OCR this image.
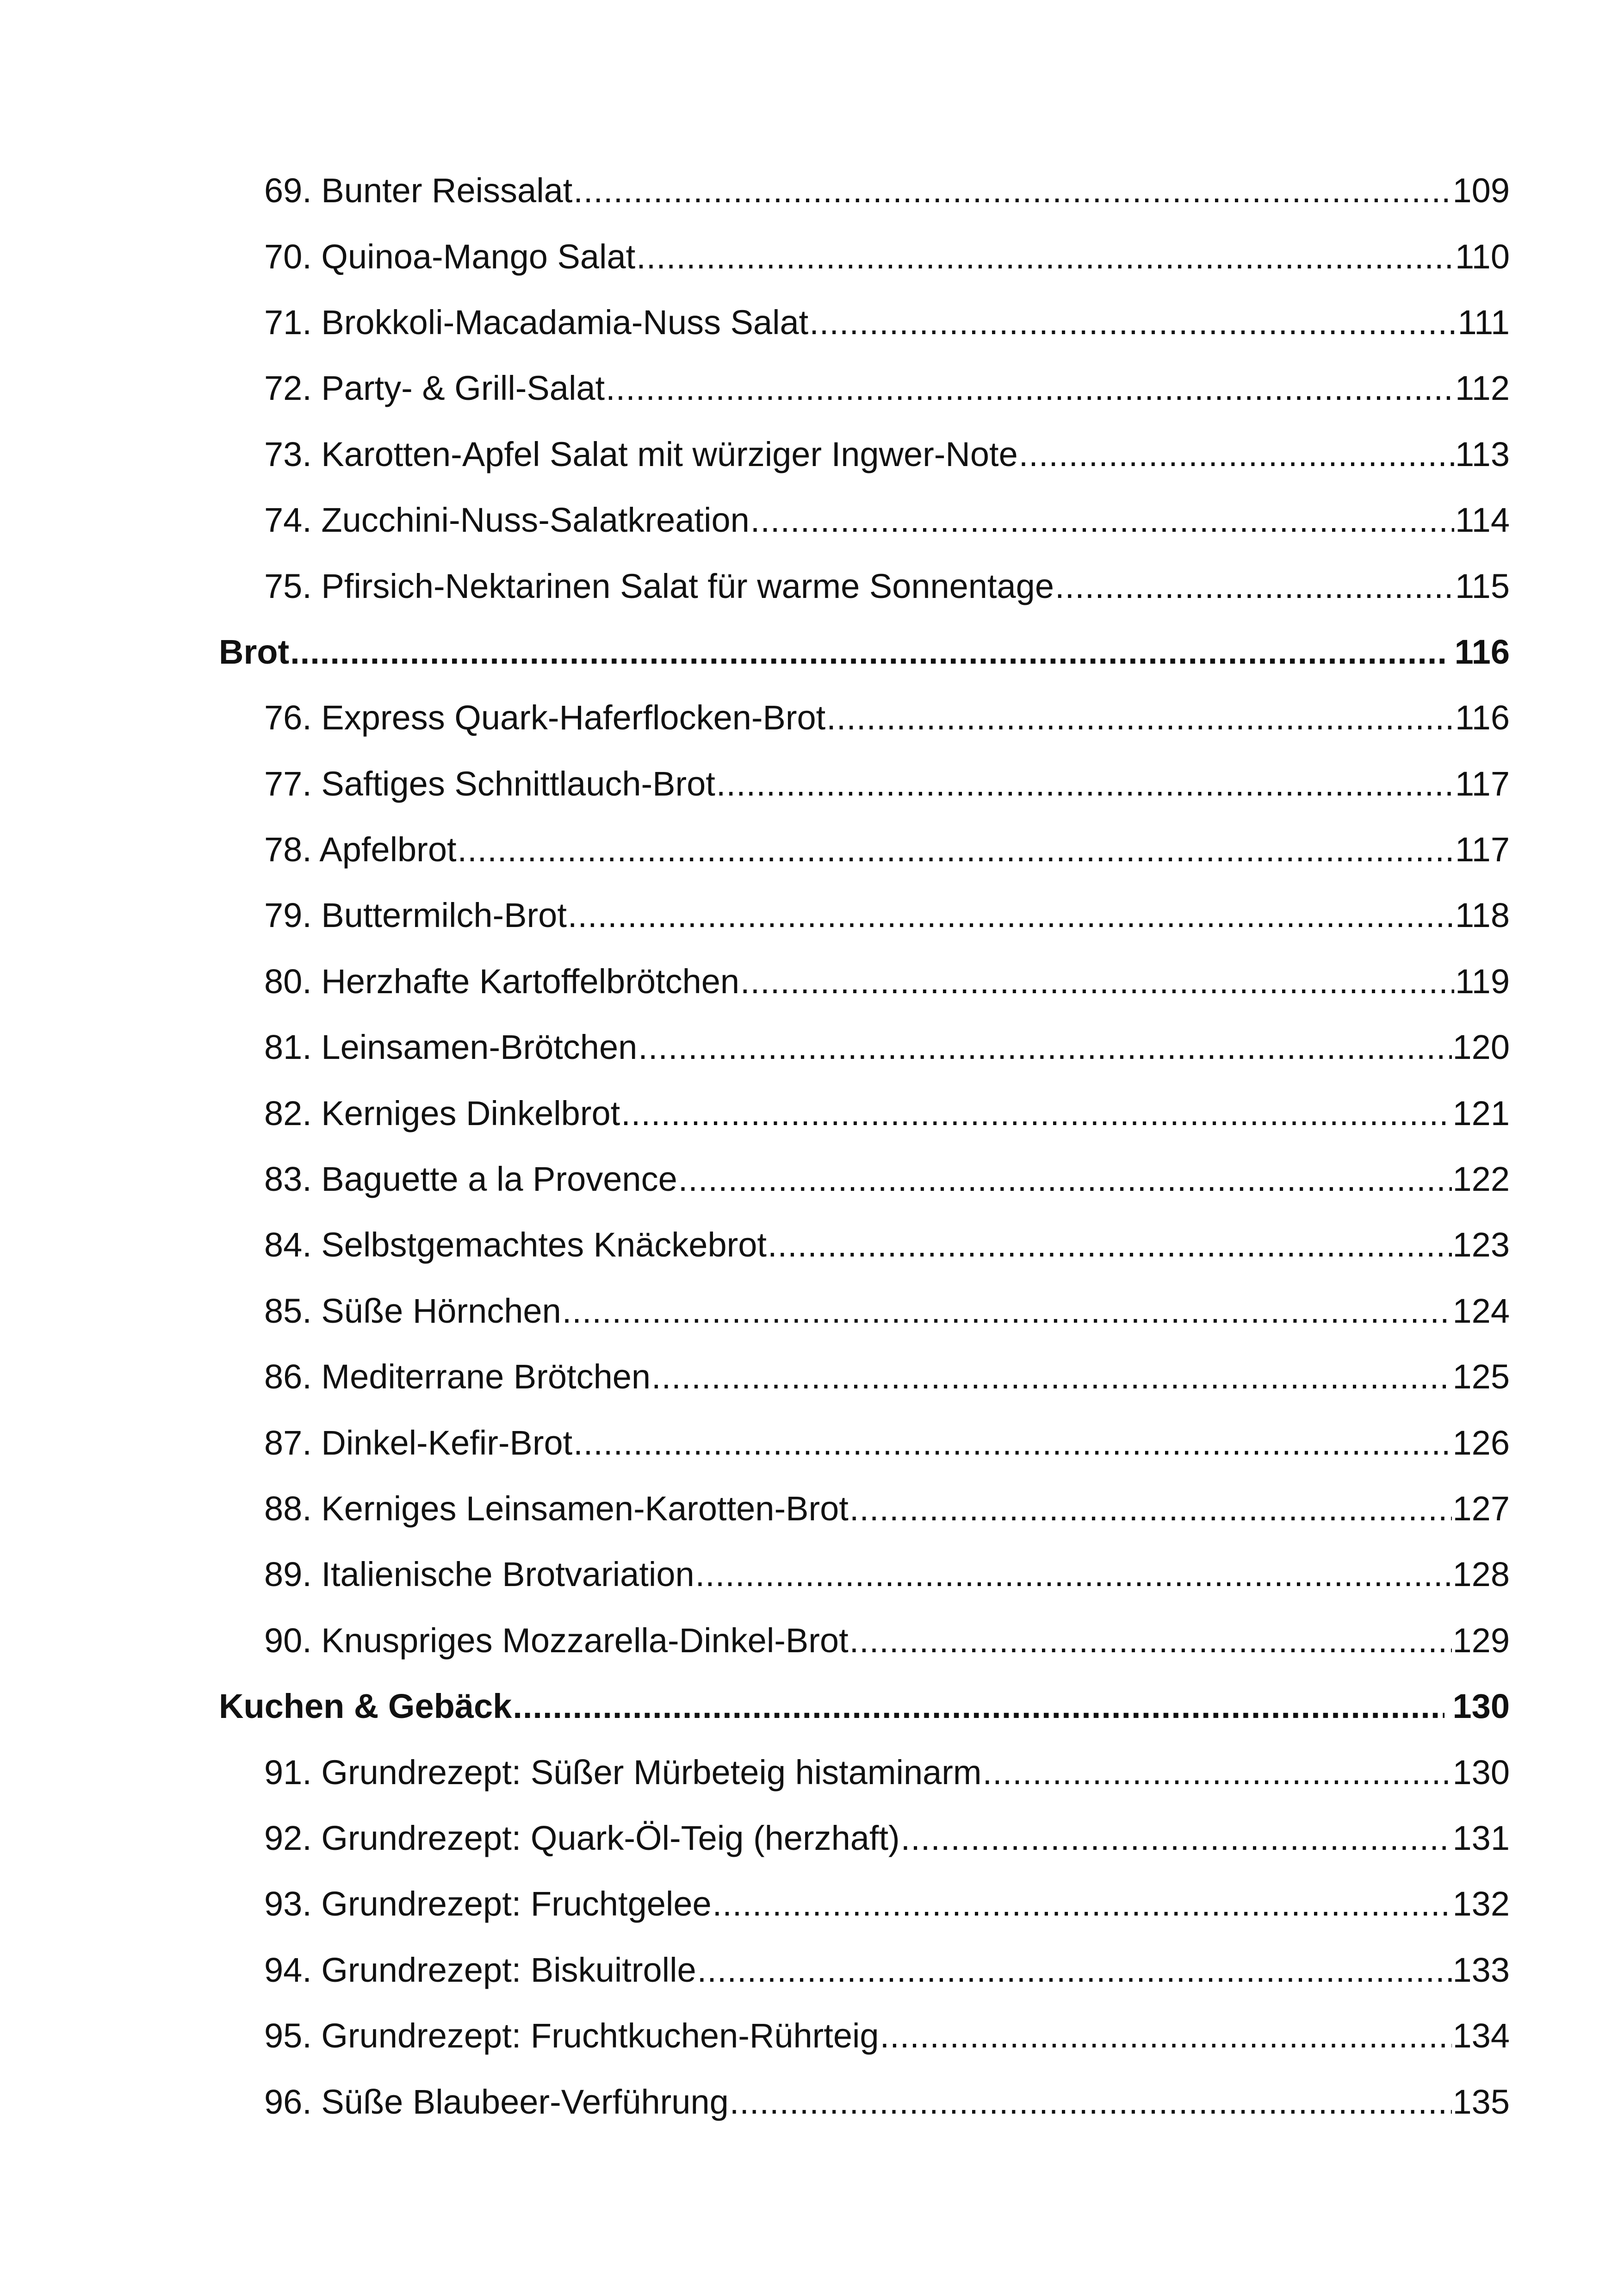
69. Bunter Reissalat .....	109
70. Quinoa-Mango Salat .....	110
71. Brokkoli-Macadamia-Nuss Salat .....	111
72. Party- & Grill-Salat .....	112
73. Karotten-Apfel Salat mit würziger Ingwer-Note .....	113
74. Zucchini-Nuss-Salatkreation .....	114
75. Pfirsich-Nektarinen Salat für warme Sonnentage .....	115
Brot .....	116
76. Express Quark-Haferflocken-Brot .....	116
77. Saftiges Schnittlauch-Brot .....	117
78. Apfelbrot .....	117
79. Buttermilch-Brot .....	118
80. Herzhafte Kartoffelbrötchen .....	119
81. Leinsamen-Brötchen .....	120
82. Kerniges Dinkelbrot .....	121
83. Baguette a la Provence .....	122
84. Selbstgemachtes Knäckebrot .....	123
85. Süße Hörnchen .....	124
86. Mediterrane Brötchen .....	125
87. Dinkel-Kefir-Brot .....	126
88. Kerniges Leinsamen-Karotten-Brot .....	127
89. Italienische Brotvariation .....	128
90. Knuspriges Mozzarella-Dinkel-Brot .....	129
Kuchen & Gebäck .....	130
91. Grundrezept: Süßer Mürbeteig histaminarm .....	130
92. Grundrezept: Quark-Öl-Teig (herzhaft) .....	131
93. Grundrezept: Fruchtgelee .....	132
94. Grundrezept: Biskuitrolle .....	133
95. Grundrezept: Fruchtkuchen-Rührteig .....	134
96. Süße Blaubeer-Verführung .....	135
